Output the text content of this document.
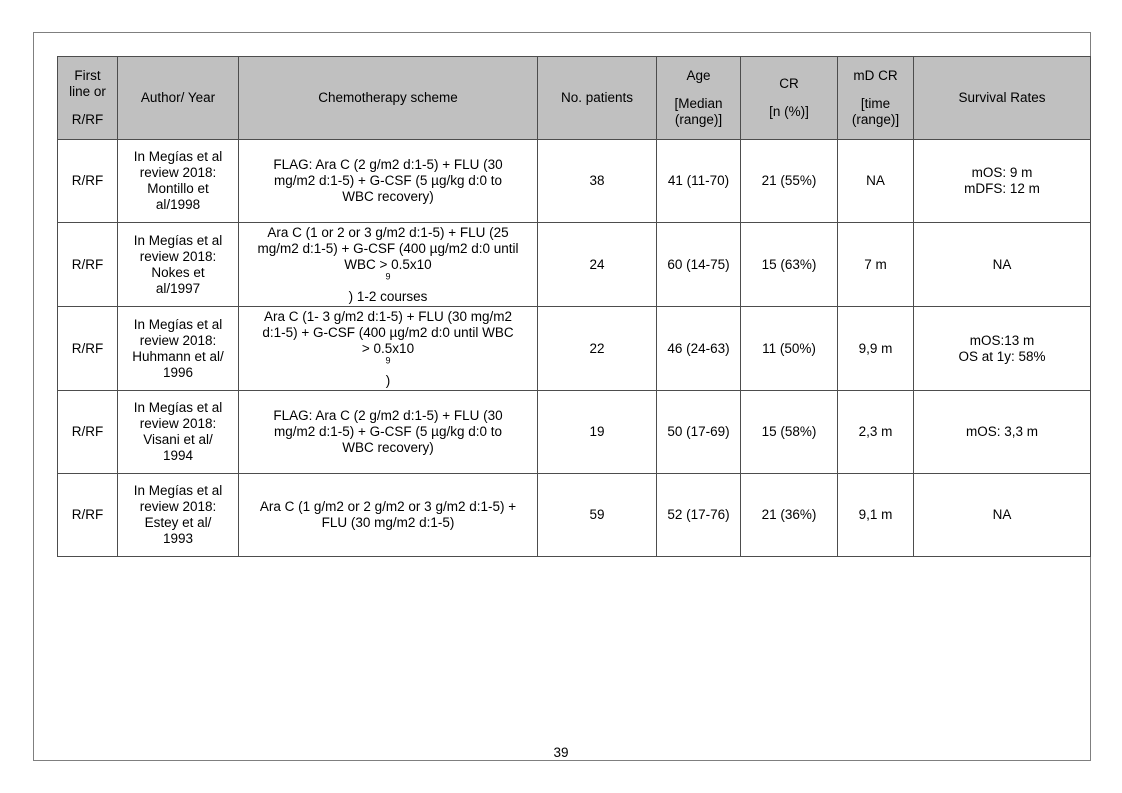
First
line or
R/RF	Author/ Year	Chemotherapy scheme	No. patients	Age
[Median
(range)]	CR
[n (%)]	mD CR
[time
(range)]	Survival Rates
R/RF	In Megías et al
review 2018:
Montillo et
al/1998	FLAG: Ara C (2 g/m2 d:1-5) + FLU (30
mg/m2 d:1-5) + G-CSF (5 µg/kg d:0 to
WBC recovery)	38	41 (11-70)	21 (55%)	NA	mOS: 9 m
mDFS: 12 m

R/RF	In Megías et al
review 2018:
Nokes et
al/1997	Ara C (1 or 2 or 3 g/m2 d:1-5) + FLU (25
mg/m2 d:1-5) + G-CSF (400 µg/m2 d:0 until
WBC > 0.5x10
$^9$
) 1-2 courses	24	60 (14-75)	15 (63%)	7 m	NA

R/RF	In Megías et al
review 2018:
Huhmann et al/
1996	Ara C (1- 3 g/m2 d:1-5) + FLU (30 mg/m2
d:1-5) + G-CSF (400 µg/m2 d:0 until WBC
> 0.5x10
$^9$
)	22	46 (24-63)	11 (50%)	9,9 m	mOS:13 m
OS at 1y: 58%

R/RF	In Megías et al
review 2018:
Visani et al/
1994	FLAG: Ara C (2 g/m2 d:1-5) + FLU (30
mg/m2 d:1-5) + G-CSF (5 µg/kg d:0 to
WBC recovery)	19	50 (17-69)	15 (58%)	2,3 m	mOS: 3,3 m

R/RF	In Megías et al
review 2018:
Estey et al/
1993	Ara C (1 g/m2 or 2 g/m2 or 3 g/m2 d:1-5) +
FLU (30 mg/m2 d:1-5)	59	52 (17-76)	21 (36%)	9,1 m	NA
39
